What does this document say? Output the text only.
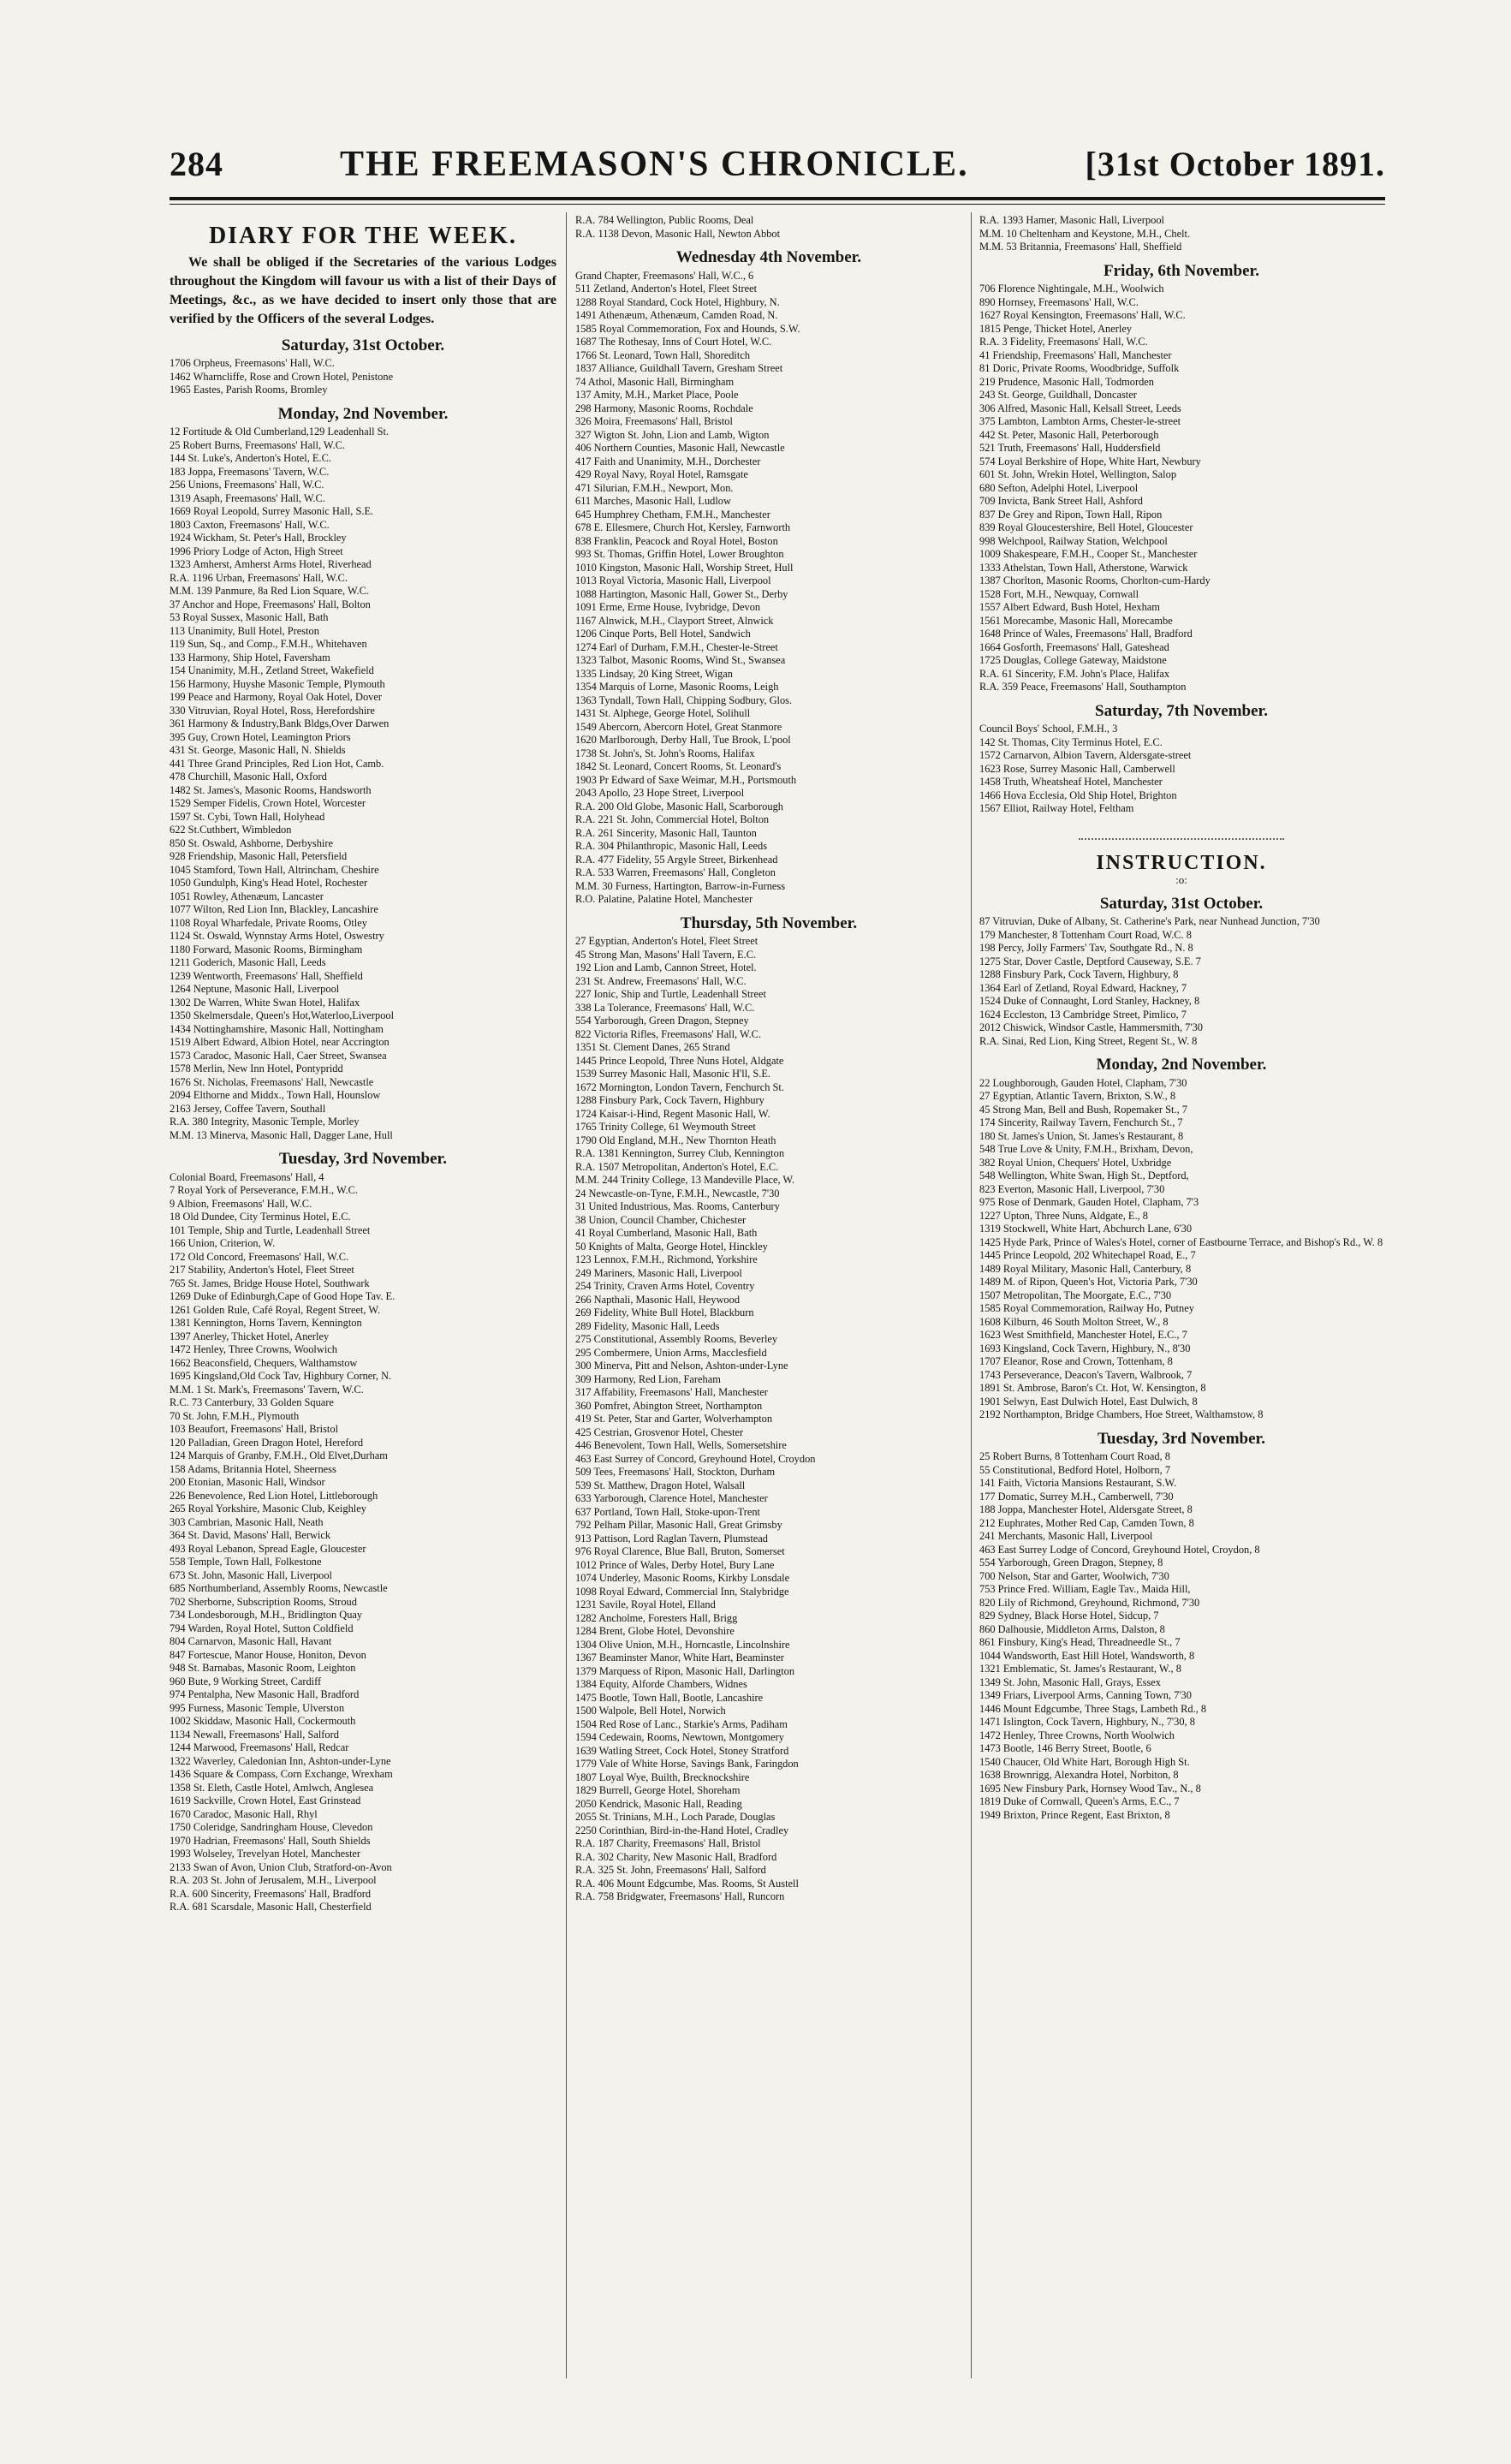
284	THE FREEMASON'S CHRONICLE.	[31st October 1891.
DIARY FOR THE WEEK.

We shall be obliged if the Secretaries of the various Lodges throughout the Kingdom will favour us with a list of their Days of Meetings, &c., as we have decided to insert only those that are verified by the Officers of the several Lodges.

Saturday, 31st October.
1706 Orpheus, Freemasons' Hall, W.C.
1462 Wharncliffe, Rose and Crown Hotel, Penistone
1965 Eastes, Parish Rooms, Bromley
Monday, 2nd November.
12 Fortitude & Old Cumberland,129 Leadenhall St.
25 Robert Burns, Freemasons' Hall, W.C.
144 St. Luke's, Anderton's Hotel, E.C.
183 Joppa, Freemasons' Tavern, W.C.
256 Unions, Freemasons' Hall, W.C.
1319 Asaph, Freemasons' Hall, W.C.
1669 Royal Leopold, Surrey Masonic Hall, S.E.
1803 Caxton, Freemasons' Hall, W.C.
1924 Wickham, St. Peter's Hall, Brockley
1996 Priory Lodge of Acton, High Street
1323 Amherst, Amherst Arms Hotel, Riverhead
R.A. 1196 Urban, Freemasons' Hall, W.C.
M.M. 139 Panmure, 8a Red Lion Square, W.C.
37 Anchor and Hope, Freemasons' Hall, Bolton
53 Royal Sussex, Masonic Hall, Bath
113 Unanimity, Bull Hotel, Preston
119 Sun, Sq., and Comp., F.M.H., Whitehaven
133 Harmony, Ship Hotel, Faversham
154 Unanimity, M.H., Zetland Street, Wakefield
156 Harmony, Huyshe Masonic Temple, Plymouth
199 Peace and Harmony, Royal Oak Hotel, Dover
330 Vitruvian, Royal Hotel, Ross, Herefordshire
361 Harmony & Industry,Bank Bldgs,Over Darwen
395 Guy, Crown Hotel, Leamington Priors
431 St. George, Masonic Hall, N. Shields
441 Three Grand Principles, Red Lion Hot, Camb.
478 Churchill, Masonic Hall, Oxford
1482 St. James's, Masonic Rooms, Handsworth
1529 Semper Fidelis, Crown Hotel, Worcester
1597 St. Cybi, Town Hall, Holyhead
622 St.Cuthbert, Wimbledon
850 St. Oswald, Ashborne, Derbyshire
928 Friendship, Masonic Hall, Petersfield
1045 Stamford, Town Hall, Altrincham, Cheshire
1050 Gundulph, King's Head Hotel, Rochester
1051 Rowley, Athenæum, Lancaster
1077 Wilton, Red Lion Inn, Blackley, Lancashire
1108 Royal Wharfedale, Private Rooms, Otley
1124 St. Oswald, Wynnstay Arms Hotel, Oswestry
1180 Forward, Masonic Rooms, Birmingham
1211 Goderich, Masonic Hall, Leeds
1239 Wentworth, Freemasons' Hall, Sheffield
1264 Neptune, Masonic Hall, Liverpool
1302 De Warren, White Swan Hotel, Halifax
1350 Skelmersdale, Queen's Hot,Waterloo,Liverpool
1434 Nottinghamshire, Masonic Hall, Nottingham
1519 Albert Edward, Albion Hotel, near Accrington
1573 Caradoc, Masonic Hall, Caer Street, Swansea
1578 Merlin, New Inn Hotel, Pontypridd
1676 St. Nicholas, Freemasons' Hall, Newcastle
2094 Elthorne and Middx., Town Hall, Hounslow
2163 Jersey, Coffee Tavern, Southall
R.A. 380 Integrity, Masonic Temple, Morley
M.M. 13 Minerva, Masonic Hall, Dagger Lane, Hull
Tuesday, 3rd November.
Colonial Board, Freemasons' Hall, 4
7 Royal York of Perseverance, F.M.H., W.C.
9 Albion, Freemasons' Hall, W.C.
18 Old Dundee, City Terminus Hotel, E.C.
101 Temple, Ship and Turtle, Leadenhall Street
166 Union, Criterion, W.
172 Old Concord, Freemasons' Hall, W.C.
217 Stability, Anderton's Hotel, Fleet Street
765 St. James, Bridge House Hotel, Southwark
1269 Duke of Edinburgh,Cape of Good Hope Tav. E.
1261 Golden Rule, Café Royal, Regent Street, W.
1381 Kennington, Horns Tavern, Kennington
1397 Anerley, Thicket Hotel, Anerley
1472 Henley, Three Crowns, Woolwich
1662 Beaconsfield, Chequers, Walthamstow
1695 Kingsland,Old Cock Tav, Highbury Corner, N.
M.M. 1 St. Mark's, Freemasons' Tavern, W.C.
R.C. 73 Canterbury, 33 Golden Square
70 St. John, F.M.H., Plymouth
103 Beaufort, Freemasons' Hall, Bristol
120 Palladian, Green Dragon Hotel, Hereford
124 Marquis of Granby, F.M.H., Old Elvet,Durham
158 Adams, Britannia Hotel, Sheerness
200 Etonian, Masonic Hall, Windsor
226 Benevolence, Red Lion Hotel, Littleborough
265 Royal Yorkshire, Masonic Club, Keighley
303 Cambrian, Masonic Hall, Neath
364 St. David, Masons' Hall, Berwick
493 Royal Lebanon, Spread Eagle, Gloucester
558 Temple, Town Hall, Folkestone
673 St. John, Masonic Hall, Liverpool
685 Northumberland, Assembly Rooms, Newcastle
702 Sherborne, Subscription Rooms, Stroud
734 Londesborough, M.H., Bridlington Quay
794 Warden, Royal Hotel, Sutton Coldfield
804 Carnarvon, Masonic Hall, Havant
847 Fortescue, Manor House, Honiton, Devon
948 St. Barnabas, Masonic Room, Leighton
960 Bute, 9 Working Street, Cardiff
974 Pentalpha, New Masonic Hall, Bradford
995 Furness, Masonic Temple, Ulverston
1002 Skiddaw, Masonic Hall, Cockermouth
1134 Newall, Freemasons' Hall, Salford
1244 Marwood, Freemasons' Hall, Redcar
1322 Waverley, Caledonian Inn, Ashton-under-Lyne
1436 Square & Compass, Corn Exchange, Wrexham
1358 St. Eleth, Castle Hotel, Amlwch, Anglesea
1619 Sackville, Crown Hotel, East Grinstead
1670 Caradoc, Masonic Hall, Rhyl
1750 Coleridge, Sandringham House, Clevedon
1970 Hadrian, Freemasons' Hall, South Shields
1993 Wolseley, Trevelyan Hotel, Manchester
2133 Swan of Avon, Union Club, Stratford-on-Avon
R.A. 203 St. John of Jerusalem, M.H., Liverpool
R.A. 600 Sincerity, Freemasons' Hall, Bradford
R.A. 681 Scarsdale, Masonic Hall, Chesterfield
R.A. 784 Wellington, Public Rooms, Deal
R.A. 1138 Devon, Masonic Hall, Newton Abbot
Wednesday 4th November.
Grand Chapter, Freemasons' Hall, W.C., 6
511 Zetland, Anderton's Hotel, Fleet Street
1288 Royal Standard, Cock Hotel, Highbury, N.
1491 Athenæum, Athenæum, Camden Road, N.
1585 Royal Commemoration, Fox and Hounds, S.W.
1687 The Rothesay, Inns of Court Hotel, W.C.
1766 St. Leonard, Town Hall, Shoreditch
1837 Alliance, Guildhall Tavern, Gresham Street
74 Athol, Masonic Hall, Birmingham
137 Amity, M.H., Market Place, Poole
298 Harmony, Masonic Rooms, Rochdale
326 Moira, Freemasons' Hall, Bristol
327 Wigton St. John, Lion and Lamb, Wigton
406 Northern Counties, Masonic Hall, Newcastle
417 Faith and Unanimity, M.H., Dorchester
429 Royal Navy, Royal Hotel, Ramsgate
471 Silurian, F.M.H., Newport, Mon.
611 Marches, Masonic Hall, Ludlow
645 Humphrey Chetham, F.M.H., Manchester
678 E. Ellesmere, Church Hot, Kersley, Farnworth
838 Franklin, Peacock and Royal Hotel, Boston
993 St. Thomas, Griffin Hotel, Lower Broughton
1010 Kingston, Masonic Hall, Worship Street, Hull
1013 Royal Victoria, Masonic Hall, Liverpool
1088 Hartington, Masonic Hall, Gower St., Derby
1091 Erme, Erme House, Ivybridge, Devon
1167 Alnwick, M.H., Clayport Street, Alnwick
1206 Cinque Ports, Bell Hotel, Sandwich
1274 Earl of Durham, F.M.H., Chester-le-Street
1323 Talbot, Masonic Rooms, Wind St., Swansea
1335 Lindsay, 20 King Street, Wigan
1354 Marquis of Lorne, Masonic Rooms, Leigh
1363 Tyndall, Town Hall, Chipping Sodbury, Glos.
1431 St. Alphege, George Hotel, Solihull
1549 Abercorn, Abercorn Hotel, Great Stanmore
1620 Marlborough, Derby Hall, Tue Brook, L'pool
1738 St. John's, St. John's Rooms, Halifax
1842 St. Leonard, Concert Rooms, St. Leonard's
1903 Pr Edward of Saxe Weimar, M.H., Portsmouth
2043 Apollo, 23 Hope Street, Liverpool
R.A. 200 Old Globe, Masonic Hall, Scarborough
R.A. 221 St. John, Commercial Hotel, Bolton
R.A. 261 Sincerity, Masonic Hall, Taunton
R.A. 304 Philanthropic, Masonic Hall, Leeds
R.A. 477 Fidelity, 55 Argyle Street, Birkenhead
R.A. 533 Warren, Freemasons' Hall, Congleton
M.M. 30 Furness, Hartington, Barrow-in-Furness
R.O. Palatine, Palatine Hotel, Manchester
Thursday, 5th November.
27 Egyptian, Anderton's Hotel, Fleet Street
45 Strong Man, Masons' Hall Tavern, E.C.
192 Lion and Lamb, Cannon Street, Hotel.
231 St. Andrew, Freemasons' Hall, W.C.
227 Ionic, Ship and Turtle, Leadenhall Street
338 La Tolerance, Freemasons' Hall, W.C.
554 Yarborough, Green Dragon, Stepney
822 Victoria Rifles, Freemasons' Hall, W.C.
1351 St. Clement Danes, 265 Strand
1445 Prince Leopold, Three Nuns Hotel, Aldgate
1539 Surrey Masonic Hall, Masonic H'll, S.E.
1672 Mornington, London Tavern, Fenchurch St.
1288 Finsbury Park, Cock Tavern, Highbury
1724 Kaisar-i-Hind, Regent Masonic Hall, W.
1765 Trinity College, 61 Weymouth Street
1790 Old England, M.H., New Thornton Heath
R.A. 1381 Kennington, Surrey Club, Kennington
R.A. 1507 Metropolitan, Anderton's Hotel, E.C.
M.M. 244 Trinity College, 13 Mandeville Place, W.
24 Newcastle-on-Tyne, F.M.H., Newcastle, 7'30
31 United Industrious, Mas. Rooms, Canterbury
38 Union, Council Chamber, Chichester
41 Royal Cumberland, Masonic Hall, Bath
50 Knights of Malta, George Hotel, Hinckley
123 Lennox, F.M.H., Richmond, Yorkshire
249 Mariners, Masonic Hall, Liverpool
254 Trinity, Craven Arms Hotel, Coventry
266 Napthali, Masonic Hall, Heywood
269 Fidelity, White Bull Hotel, Blackburn
289 Fidelity, Masonic Hall, Leeds
275 Constitutional, Assembly Rooms, Beverley
295 Combermere, Union Arms, Macclesfield
300 Minerva, Pitt and Nelson, Ashton-under-Lyne
309 Harmony, Red Lion, Fareham
317 Affability, Freemasons' Hall, Manchester
360 Pomfret, Abington Street, Northampton
419 St. Peter, Star and Garter, Wolverhampton
425 Cestrian, Grosvenor Hotel, Chester
446 Benevolent, Town Hall, Wells, Somersetshire
463 East Surrey of Concord, Greyhound Hotel, Croydon
509 Tees, Freemasons' Hall, Stockton, Durham
539 St. Matthew, Dragon Hotel, Walsall
633 Yarborough, Clarence Hotel, Manchester
637 Portland, Town Hall, Stoke-upon-Trent
792 Pelham Pillar, Masonic Hall, Great Grimsby
913 Pattison, Lord Raglan Tavern, Plumstead
976 Royal Clarence, Blue Ball, Bruton, Somerset
1012 Prince of Wales, Derby Hotel, Bury Lane
1074 Underley, Masonic Rooms, Kirkby Lonsdale
1098 Royal Edward, Commercial Inn, Stalybridge
1231 Savile, Royal Hotel, Elland
1282 Ancholme, Foresters Hall, Brigg
1284 Brent, Globe Hotel, Devonshire
1304 Olive Union, M.H., Horncastle, Lincolnshire
1367 Beaminster Manor, White Hart, Beaminster
1379 Marquess of Ripon, Masonic Hall, Darlington
1384 Equity, Alforde Chambers, Widnes
1475 Bootle, Town Hall, Bootle, Lancashire
1500 Walpole, Bell Hotel, Norwich
1504 Red Rose of Lanc., Starkie's Arms, Padiham
1594 Cedewain, Rooms, Newtown, Montgomery
1639 Watling Street, Cock Hotel, Stoney Stratford
1779 Vale of White Horse, Savings Bank, Faringdon
1807 Loyal Wye, Builth, Brecknockshire
1829 Burrell, George Hotel, Shoreham
2050 Kendrick, Masonic Hall, Reading
2055 St. Trinians, M.H., Loch Parade, Douglas
2250 Corinthian, Bird-in-the-Hand Hotel, Cradley
R.A. 187 Charity, Freemasons' Hall, Bristol
R.A. 302 Charity, New Masonic Hall, Bradford
R.A. 325 St. John, Freemasons' Hall, Salford
R.A. 406 Mount Edgcumbe, Mas. Rooms, St Austell
R.A. 758 Bridgwater, Freemasons' Hall, Runcorn
R.A. 1393 Hamer, Masonic Hall, Liverpool
M.M. 10 Cheltenham and Keystone, M.H., Chelt.
M.M. 53 Britannia, Freemasons' Hall, Sheffield
Friday, 6th November.
706 Florence Nightingale, M.H., Woolwich
890 Hornsey, Freemasons' Hall, W.C.
1627 Royal Kensington, Freemasons' Hall, W.C.
1815 Penge, Thicket Hotel, Anerley
R.A. 3 Fidelity, Freemasons' Hall, W.C.
41 Friendship, Freemasons' Hall, Manchester
81 Doric, Private Rooms, Woodbridge, Suffolk
219 Prudence, Masonic Hall, Todmorden
243 St. George, Guildhall, Doncaster
306 Alfred, Masonic Hall, Kelsall Street, Leeds
375 Lambton, Lambton Arms, Chester-le-street
442 St. Peter, Masonic Hall, Peterborough
521 Truth, Freemasons' Hall, Huddersfield
574 Loyal Berkshire of Hope, White Hart, Newbury
601 St. John, Wrekin Hotel, Wellington, Salop
680 Sefton, Adelphi Hotel, Liverpool
709 Invicta, Bank Street Hall, Ashford
837 De Grey and Ripon, Town Hall, Ripon
839 Royal Gloucestershire, Bell Hotel, Gloucester
998 Welchpool, Railway Station, Welchpool
1009 Shakespeare, F.M.H., Cooper St., Manchester
1333 Athelstan, Town Hall, Atherstone, Warwick
1387 Chorlton, Masonic Rooms, Chorlton-cum-Hardy
1528 Fort, M.H., Newquay, Cornwall
1557 Albert Edward, Bush Hotel, Hexham
1561 Morecambe, Masonic Hall, Morecambe
1648 Prince of Wales, Freemasons' Hall, Bradford
1664 Gosforth, Freemasons' Hall, Gateshead
1725 Douglas, College Gateway, Maidstone
R.A. 61 Sincerity, F.M. John's Place, Halifax
R.A. 359 Peace, Freemasons' Hall, Southampton
Saturday, 7th November.
Council Boys' School, F.M.H., 3
142 St. Thomas, City Terminus Hotel, E.C.
1572 Carnarvon, Albion Tavern, Aldersgate-street
1623 Rose, Surrey Masonic Hall, Camberwell
1458 Truth, Wheatsheaf Hotel, Manchester
1466 Hova Ecclesia, Old Ship Hotel, Brighton
1567 Elliot, Railway Hotel, Feltham
INSTRUCTION.
:o:
Saturday, 31st October.
87 Vitruvian, Duke of Albany, St. Catherine's Park, near Nunhead Junction, 7'30
179 Manchester, 8 Tottenham Court Road, W.C. 8
198 Percy, Jolly Farmers' Tav, Southgate Rd., N. 8
1275 Star, Dover Castle, Deptford Causeway, S.E. 7
1288 Finsbury Park, Cock Tavern, Highbury, 8
1364 Earl of Zetland, Royal Edward, Hackney, 7
1524 Duke of Connaught, Lord Stanley, Hackney, 8
1624 Eccleston, 13 Cambridge Street, Pimlico, 7
2012 Chiswick, Windsor Castle, Hammersmith, 7'30
R.A. Sinai, Red Lion, King Street, Regent St., W. 8
Monday, 2nd November.
22 Loughborough, Gauden Hotel, Clapham, 7'30
27 Egyptian, Atlantic Tavern, Brixton, S.W., 8
45 Strong Man, Bell and Bush, Ropemaker St., 7
174 Sincerity, Railway Tavern, Fenchurch St., 7
180 St. James's Union, St. James's Restaurant, 8
548 True Love & Unity, F.M.H., Brixham, Devon,
382 Royal Union, Chequers' Hotel, Uxbridge
548 Wellington, White Swan, High St., Deptford,
823 Everton, Masonic Hall, Liverpool, 7'30
975 Rose of Denmark, Gauden Hotel, Clapham, 7'3
1227 Upton, Three Nuns, Aldgate, E., 8
1319 Stockwell, White Hart, Abchurch Lane, 6'30
1425 Hyde Park, Prince of Wales's Hotel, corner of Eastbourne Terrace, and Bishop's Rd., W. 8
1445 Prince Leopold, 202 Whitechapel Road, E., 7
1489 Royal Military, Masonic Hall, Canterbury, 8
1489 M. of Ripon, Queen's Hot, Victoria Park, 7'30
1507 Metropolitan, The Moorgate, E.C., 7'30
1585 Royal Commemoration, Railway Ho, Putney
1608 Kilburn, 46 South Molton Street, W., 8
1623 West Smithfield, Manchester Hotel, E.C., 7
1693 Kingsland, Cock Tavern, Highbury, N., 8'30
1707 Eleanor, Rose and Crown, Tottenham, 8
1743 Perseverance, Deacon's Tavern, Walbrook, 7
1891 St. Ambrose, Baron's Ct. Hot, W. Kensington, 8
1901 Selwyn, East Dulwich Hotel, East Dulwich, 8
2192 Northampton, Bridge Chambers, Hoe Street, Walthamstow, 8
Tuesday, 3rd November.
25 Robert Burns, 8 Tottenham Court Road, 8
55 Constitutional, Bedford Hotel, Holborn, 7
141 Faith, Victoria Mansions Restaurant, S.W.
177 Domatic, Surrey M.H., Camberwell, 7'30
188 Joppa, Manchester Hotel, Aldersgate Street, 8
212 Euphrates, Mother Red Cap, Camden Town, 8
241 Merchants, Masonic Hall, Liverpool
463 East Surrey Lodge of Concord, Greyhound Hotel, Croydon, 8
554 Yarborough, Green Dragon, Stepney, 8
700 Nelson, Star and Garter, Woolwich, 7'30
753 Prince Fred. William, Eagle Tav., Maida Hill,
820 Lily of Richmond, Greyhound, Richmond, 7'30
829 Sydney, Black Horse Hotel, Sidcup, 7
860 Dalhousie, Middleton Arms, Dalston, 8
861 Finsbury, King's Head, Threadneedle St., 7
1044 Wandsworth, East Hill Hotel, Wandsworth, 8
1321 Emblematic, St. James's Restaurant, W., 8
1349 St. John, Masonic Hall, Grays, Essex
1349 Friars, Liverpool Arms, Canning Town, 7'30
1446 Mount Edgcumbe, Three Stags, Lambeth Rd., 8
1471 Islington, Cock Tavern, Highbury, N., 7'30, 8
1472 Henley, Three Crowns, North Woolwich
1473 Bootle, 146 Berry Street, Bootle, 6
1540 Chaucer, Old White Hart, Borough High St.
1638 Brownrigg, Alexandra Hotel, Norbiton, 8
1695 New Finsbury Park, Hornsey Wood Tav., N., 8
1819 Duke of Cornwall, Queen's Arms, E.C., 7
1949 Brixton, Prince Regent, East Brixton, 8
